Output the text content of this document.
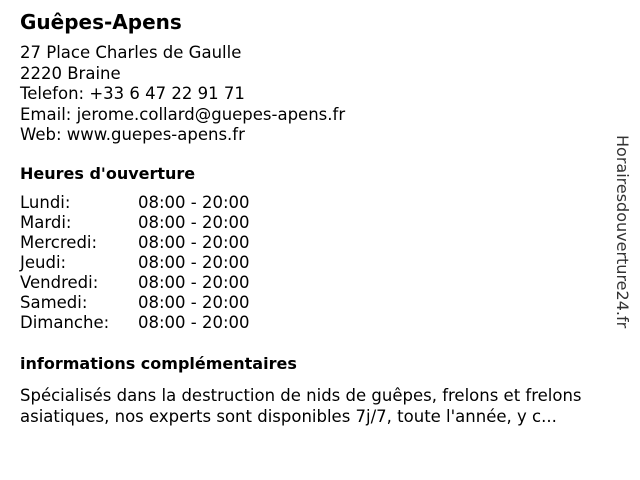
Guêpes-Apens
27 Place Charles de Gaulle
2220 Braine
Telefon: +33 6 47 22 91 71
Email: jerome.collard@guepes-apens.fr
Web: www.guepes-apens.fr
Heures d'ouverture
Lundi:	08:00 - 20:00
Mardi:	08:00 - 20:00
Mercredi:	08:00 - 20:00
Jeudi:	08:00 - 20:00
Vendredi:	08:00 - 20:00
Samedi:	08:00 - 20:00
Dimanche:	08:00 - 20:00
informations complémentaires
Spécialisés dans la destruction de nids de guêpes, frelons et frelons asiatiques, nos experts sont disponibles 7j/7, toute l'année, y c...
Horairesdouverture24.fr
